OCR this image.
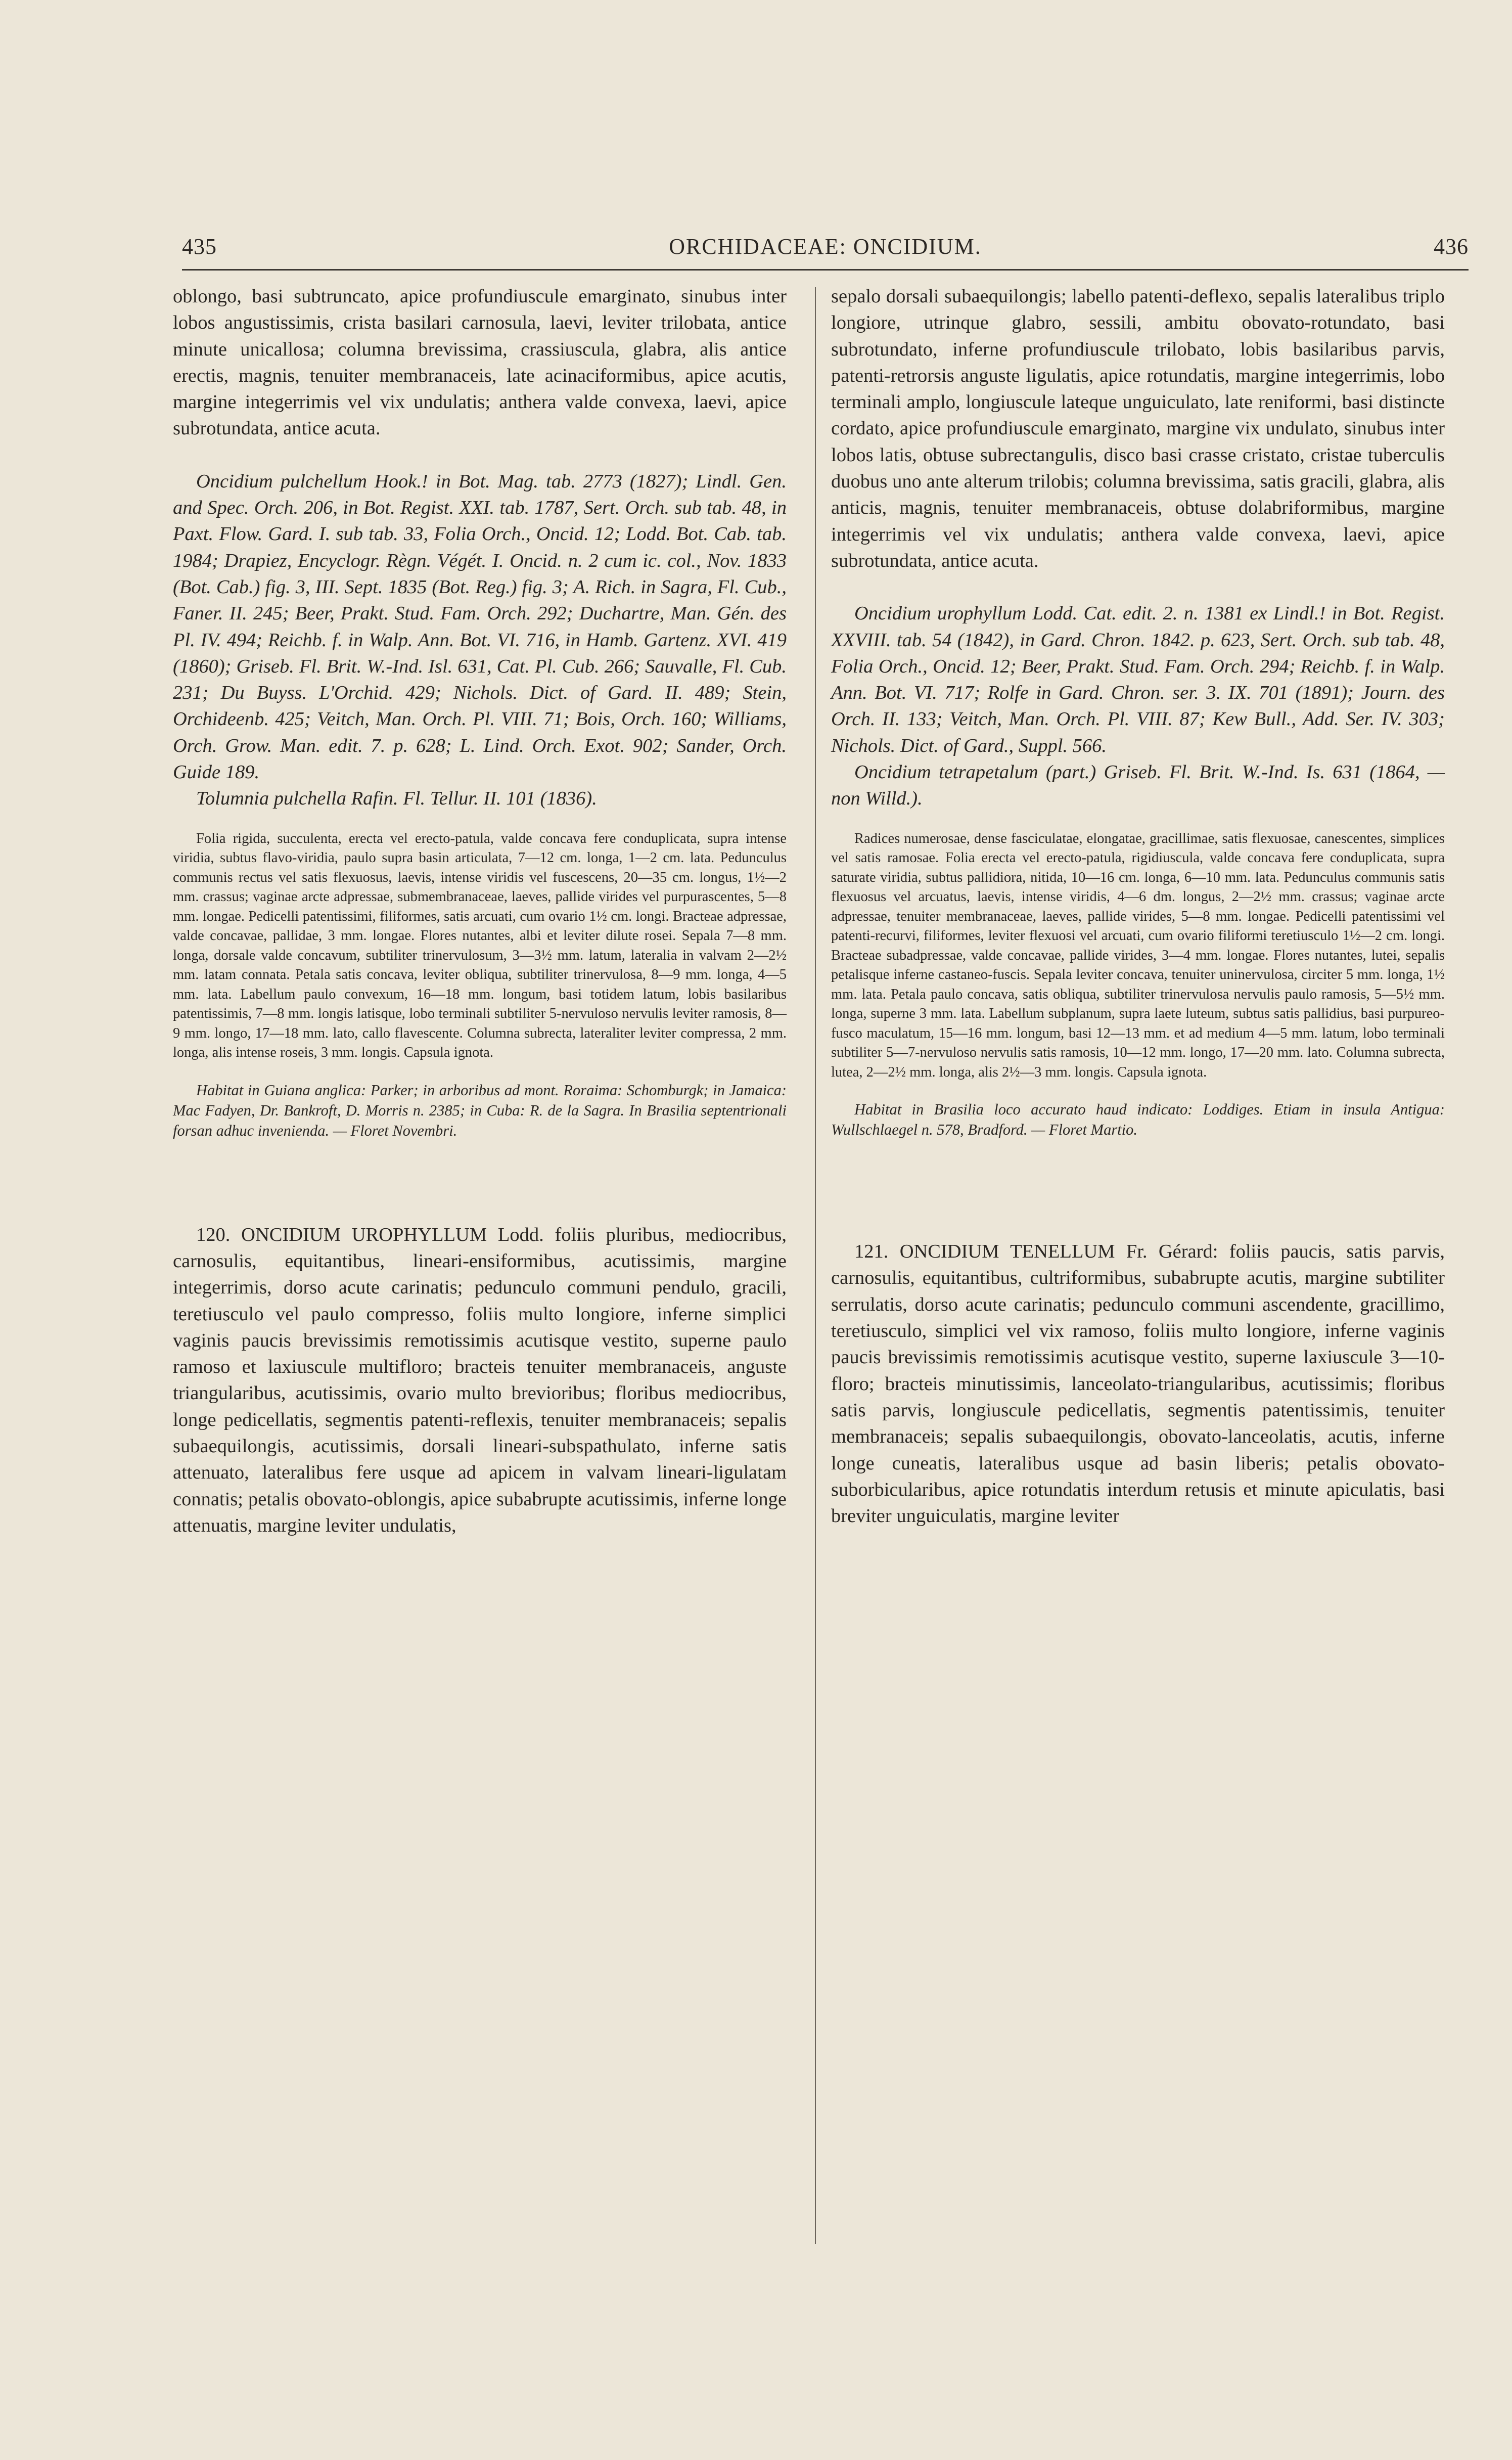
435	ORCHIDACEAE: ONCIDIUM.	436

oblongo, basi subtruncato, apice profundiuscule emarginato, sinubus inter lobos angustissimis, crista basilari carnosula, laevi, leviter trilobata, antice minute unicallosa; columna brevissima, crassiuscula, glabra, alis antice erectis, magnis, tenuiter membranaceis, late acinaciformibus, apice acutis, margine integerrimis vel vix undulatis; anthera valde convexa, laevi, apice subrotundata, antice acuta.

Oncidium pulchellum Hook.! in Bot. Mag. tab. 2773 (1827); Lindl. Gen. and Spec. Orch. 206, in Bot. Regist. XXI. tab. 1787, Sert. Orch. sub tab. 48, in Paxt. Flow. Gard. I. sub tab. 33, Folia Orch., Oncid. 12; Lodd. Bot. Cab. tab. 1984; Drapiez, Encyclogr. Règn. Végét. I. Oncid. n. 2 cum ic. col., Nov. 1833 (Bot. Cab.) fig. 3, III. Sept. 1835 (Bot. Reg.) fig. 3; A. Rich. in Sagra, Fl. Cub., Faner. II. 245; Beer, Prakt. Stud. Fam. Orch. 292; Duchartre, Man. Gén. des Pl. IV. 494; Reichb. f. in Walp. Ann. Bot. VI. 716, in Hamb. Gartenz. XVI. 419 (1860); Griseb. Fl. Brit. W.-Ind. Isl. 631, Cat. Pl. Cub. 266; Sauvalle, Fl. Cub. 231; Du Buyss. L'Orchid. 429; Nichols. Dict. of Gard. II. 489; Stein, Orchideenb. 425; Veitch, Man. Orch. Pl. VIII. 71; Bois, Orch. 160; Williams, Orch. Grow. Man. edit. 7. p. 628; L. Lind. Orch. Exot. 902; Sander, Orch. Guide 189.

Tolumnia pulchella Rafin. Fl. Tellur. II. 101 (1836).

Folia rigida, succulenta, erecta vel erecto-patula, valde concava fere conduplicata, supra intense viridia, subtus flavo-viridia, paulo supra basin articulata, 7—12 cm. longa, 1—2 cm. lata. Pedunculus communis rectus vel satis flexuosus, laevis, intense viridis vel fuscescens, 20—35 cm. longus, 1½—2 mm. crassus; vaginae arcte adpressae, submembranaceae, laeves, pallide virides vel purpurascentes, 5—8 mm. longae. Pedicelli patentissimi, filiformes, satis arcuati, cum ovario 1½ cm. longi. Bracteae adpressae, valde concavae, pallidae, 3 mm. longae. Flores nutantes, albi et leviter dilute rosei. Sepala 7—8 mm. longa, dorsale valde concavum, subtiliter trinervulosum, 3—3½ mm. latum, lateralia in valvam 2—2½ mm. latam connata. Petala satis concava, leviter obliqua, subtiliter trinervulosa, 8—9 mm. longa, 4—5 mm. lata. Labellum paulo convexum, 16—18 mm. longum, basi totidem latum, lobis basilaribus patentissimis, 7—8 mm. longis latisque, lobo terminali subtiliter 5-nervuloso nervulis leviter ramosis, 8—9 mm. longo, 17—18 mm. lato, callo flavescente. Columna subrecta, lateraliter leviter compressa, 2 mm. longa, alis intense roseis, 3 mm. longis. Capsula ignota.

Habitat in Guiana anglica: Parker; in arboribus ad mont. Roraima: Schomburgk; in Jamaica: Mac Fadyen, Dr. Bankroft, D. Morris n. 2385; in Cuba: R. de la Sagra. In Brasilia septentrionali forsan adhuc invenienda. — Floret Novembri.

120. ONCIDIUM UROPHYLLUM Lodd. foliis pluribus, mediocribus, carnosulis, equitantibus, lineari-ensiformibus, acutissimis, margine integerrimis, dorso acute carinatis; pedunculo communi pendulo, gracili, teretiusculo vel paulo compresso, foliis multo longiore, inferne simplici vaginis paucis brevissimis remotissimis acutisque vestito, superne paulo ramoso et laxiuscule multifloro; bracteis tenuiter membranaceis, anguste triangularibus, acutissimis, ovario multo brevioribus; floribus mediocribus, longe pedicellatis, segmentis patenti-reflexis, tenuiter membranaceis; sepalis subaequilongis, acutissimis, dorsali lineari-subspathulato, inferne satis attenuato, lateralibus fere usque ad apicem in valvam lineari-ligulatam connatis; petalis obovato-oblongis, apice subabrupte acutissimis, inferne longe attenuatis, margine leviter undulatis,

sepalo dorsali subaequilongis; labello patenti-deflexo, sepalis lateralibus triplo longiore, utrinque glabro, sessili, ambitu obovato-rotundato, basi subrotundato, inferne profundiuscule trilobato, lobis basilaribus parvis, patenti-retrorsis anguste ligulatis, apice rotundatis, margine integerrimis, lobo terminali amplo, longiuscule lateque unguiculato, late reniformi, basi distincte cordato, apice profundiuscule emarginato, margine vix undulato, sinubus inter lobos latis, obtuse subrectangulis, disco basi crasse cristato, cristae tuberculis duobus uno ante alterum trilobis; columna brevissima, satis gracili, glabra, alis anticis, magnis, tenuiter membranaceis, obtuse dolabriformibus, margine integerrimis vel vix undulatis; anthera valde convexa, laevi, apice subrotundata, antice acuta.

Oncidium urophyllum Lodd. Cat. edit. 2. n. 1381 ex Lindl.! in Bot. Regist. XXVIII. tab. 54 (1842), in Gard. Chron. 1842. p. 623, Sert. Orch. sub tab. 48, Folia Orch., Oncid. 12; Beer, Prakt. Stud. Fam. Orch. 294; Reichb. f. in Walp. Ann. Bot. VI. 717; Rolfe in Gard. Chron. ser. 3. IX. 701 (1891); Journ. des Orch. II. 133; Veitch, Man. Orch. Pl. VIII. 87; Kew Bull., Add. Ser. IV. 303; Nichols. Dict. of Gard., Suppl. 566.

Oncidium tetrapetalum (part.) Griseb. Fl. Brit. W.-Ind. Is. 631 (1864, — non Willd.).

Radices numerosae, dense fasciculatae, elongatae, gracillimae, satis flexuosae, canescentes, simplices vel satis ramosae. Folia erecta vel erecto-patula, rigidiuscula, valde concava fere conduplicata, supra saturate viridia, subtus pallidiora, nitida, 10—16 cm. longa, 6—10 mm. lata. Pedunculus communis satis flexuosus vel arcuatus, laevis, intense viridis, 4—6 dm. longus, 2—2½ mm. crassus; vaginae arcte adpressae, tenuiter membranaceae, laeves, pallide virides, 5—8 mm. longae. Pedicelli patentissimi vel patenti-recurvi, filiformes, leviter flexuosi vel arcuati, cum ovario filiformi teretiusculo 1½—2 cm. longi. Bracteae subadpressae, valde concavae, pallide virides, 3—4 mm. longae. Flores nutantes, lutei, sepalis petalisque inferne castaneo-fuscis. Sepala leviter concava, tenuiter uninervulosa, circiter 5 mm. longa, 1½ mm. lata. Petala paulo concava, satis obliqua, subtiliter trinervulosa nervulis paulo ramosis, 5—5½ mm. longa, superne 3 mm. lata. Labellum subplanum, supra laete luteum, subtus satis pallidius, basi purpureo-fusco maculatum, 15—16 mm. longum, basi 12—13 mm. et ad medium 4—5 mm. latum, lobo terminali subtiliter 5—7-nervuloso nervulis satis ramosis, 10—12 mm. longo, 17—20 mm. lato. Columna subrecta, lutea, 2—2½ mm. longa, alis 2½—3 mm. longis. Capsula ignota.

Habitat in Brasilia loco accurato haud indicato: Loddiges. Etiam in insula Antigua: Wullschlaegel n. 578, Bradford. — Floret Martio.

121. ONCIDIUM TENELLUM Fr. Gérard: foliis paucis, satis parvis, carnosulis, equitantibus, cultriformibus, subabrupte acutis, margine subtiliter serrulatis, dorso acute carinatis; pedunculo communi ascendente, gracillimo, teretiusculo, simplici vel vix ramoso, foliis multo longiore, inferne vaginis paucis brevissimis remotissimis acutisque vestito, superne laxiuscule 3—10-floro; bracteis minutissimis, lanceolato-triangularibus, acutissimis; floribus satis parvis, longiuscule pedicellatis, segmentis patentissimis, tenuiter membranaceis; sepalis subaequilongis, obovato-lanceolatis, acutis, inferne longe cuneatis, lateralibus usque ad basin liberis; petalis obovato-suborbicularibus, apice rotundatis interdum retusis et minute apiculatis, basi breviter unguiculatis, margine leviter
